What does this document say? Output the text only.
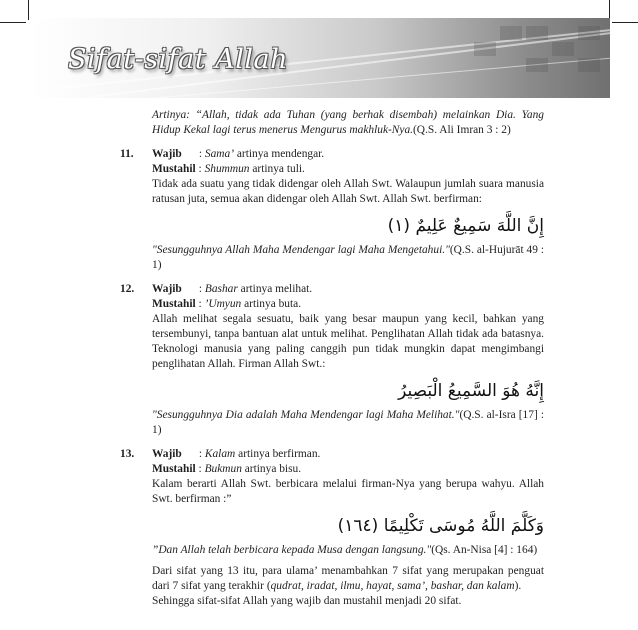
Sifat-sifat Allah
Artinya: “Allah, tidak ada Tuhan (yang berhak disembah) melainkan Dia. Yang Hidup Kekal lagi terus menerus Mengurus makhluk-Nya.(Q.S. Ali Imran 3 : 2)
11. Wajib : Sama’ artinya mendengar.
Mustahil : Shummun artinya tuli.
Tidak ada suatu yang tidak didengar oleh Allah Swt. Walaupun jumlah suara manusia ratusan juta, semua akan didengar oleh Allah Swt. Allah Swt. berfirman:
إِنَّ اللَّهَ سَمِيعٌ عَلِيمٌ (١)
"Sesungguhnya Allah Maha Mendengar lagi Maha Mengetahui."(Q.S. al-Hujurāt 49 : 1)
12. Wajib : Bashar artinya melihat.
Mustahil : ’Umyun artinya buta.
Allah melihat segala sesuatu, baik yang besar maupun yang kecil, bahkan yang tersembunyi, tanpa bantuan alat untuk melihat. Penglihatan Allah tidak ada batasnya. Teknologi manusia yang paling canggih pun tidak mungkin dapat mengimbangi penglihatan Allah. Firman Allah Swt.:
إِنَّهُ هُوَ السَّمِيعُ الْبَصِيرُ
"Sesungguhnya Dia adalah Maha Mendengar lagi Maha Melihat."(Q.S. al-Isra [17] : 1)
13. Wajib : Kalam artinya berfirman.
Mustahil : Bukmun artinya bisu.
Kalam berarti Allah Swt. berbicara melalui firman-Nya yang berupa wahyu. Allah Swt. berfirman :”
وَكَلَّمَ اللَّهُ مُوسَى تَكْلِيمًا (١٦٤)
”Dan Allah telah berbicara kepada Musa dengan langsung."(Qs. An-Nisa [4] : 164)
Dari sifat yang 13 itu, para ulama’ menambahkan 7 sifat yang merupakan penguat dari 7 sifat yang terakhir (qudrat, iradat, ilmu, hayat, sama’, bashar, dan kalam).
Sehingga sifat-sifat Allah yang wajib dan mustahil menjadi 20 sifat.
